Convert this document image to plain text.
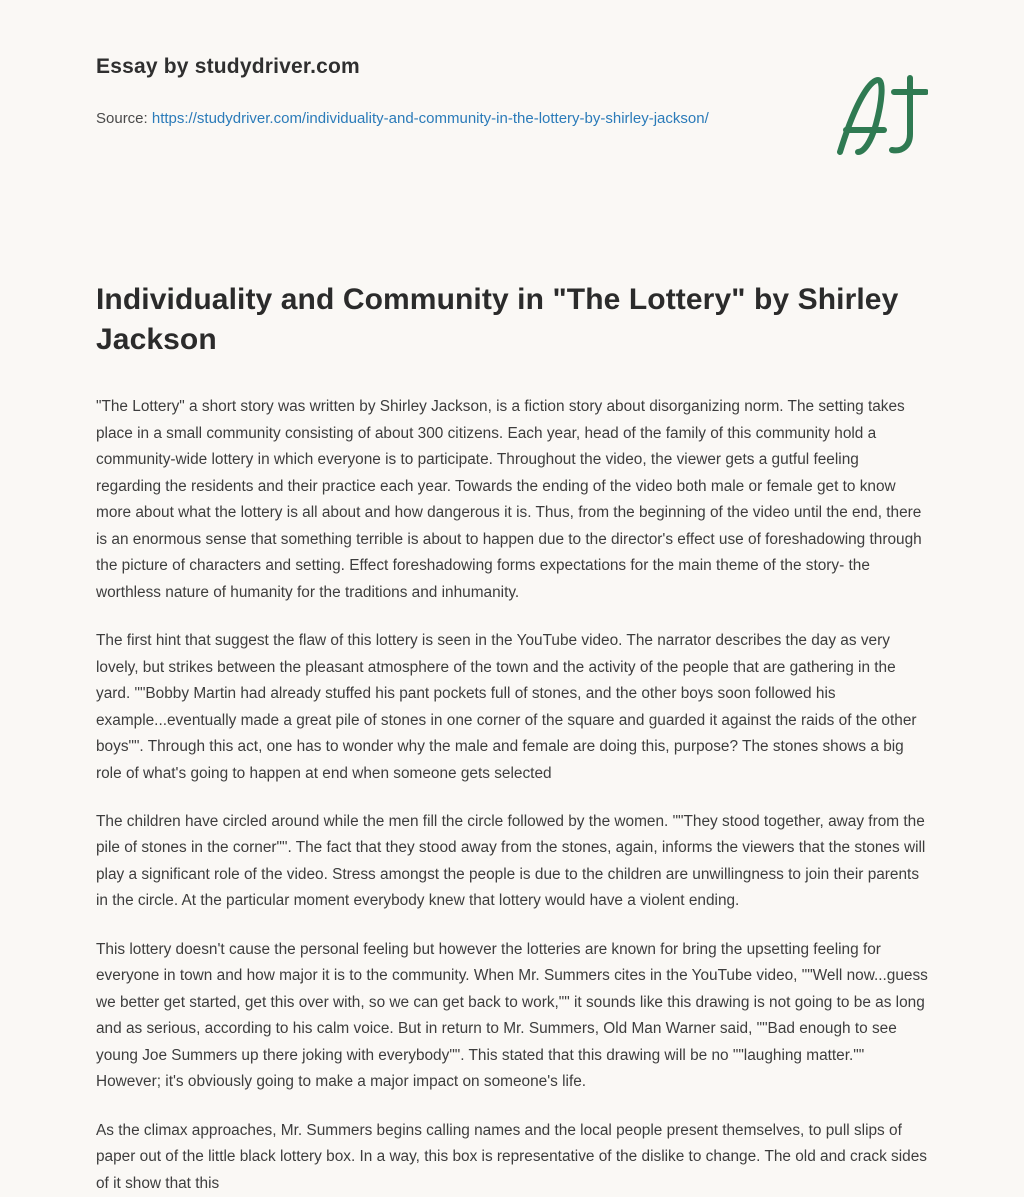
Essay by studydriver.com
Source: https://studydriver.com/individuality-and-community-in-the-lottery-by-shirley-jackson/
Individuality and Community in "The Lottery" by Shirley Jackson

"The Lottery" a short story was written by Shirley Jackson, is a fiction story about disorganizing norm. The setting takes place in a small community consisting of about 300 citizens. Each year, head of the family of this community hold a community-wide lottery in which everyone is to participate. Throughout the video, the viewer gets a gutful feeling regarding the residents and their practice each year. Towards the ending of the video both male or female get to know more about what the lottery is all about and how dangerous it is. Thus, from the beginning of the video until the end, there is an enormous sense that something terrible is about to happen due to the director's effect use of foreshadowing through the picture of characters and setting. Effect foreshadowing forms expectations for the main theme of the story- the worthless nature of humanity for the traditions and inhumanity.

The first hint that suggest the flaw of this lottery is seen in the YouTube video. The narrator describes the day as very lovely, but strikes between the pleasant atmosphere of the town and the activity of the people that are gathering in the yard. ""Bobby Martin had already stuffed his pant pockets full of stones, and the other boys soon followed his example...eventually made a great pile of stones in one corner of the square and guarded it against the raids of the other boys"". Through this act, one has to wonder why the male and female are doing this, purpose? The stones shows a big role of what's going to happen at end when someone gets selected

The children have circled around while the men fill the circle followed by the women. ""They stood together, away from the pile of stones in the corner"". The fact that they stood away from the stones, again, informs the viewers that the stones will play a significant role of the video. Stress amongst the people is due to the children are unwillingness to join their parents in the circle. At the particular moment everybody knew that lottery would have a violent ending.

This lottery doesn't cause the personal feeling but however the lotteries are known for bring the upsetting feeling for everyone in town and how major it is to the community. When Mr. Summers cites in the YouTube video, ""Well now...guess we better get started, get this over with, so we can get back to work,"" it sounds like this drawing is not going to be as long and as serious, according to his calm voice. But in return to Mr. Summers, Old Man Warner said, ""Bad enough to see young Joe Summers up there joking with everybody"". This stated that this drawing will be no ""laughing matter."" However; it's obviously going to make a major impact on someone's life.

As the climax approaches, Mr. Summers begins calling names and the local people present themselves, to pull slips of paper out of the little black lottery box. In a way, this box is representative of the dislike to change. The old and crack sides of it show that this
